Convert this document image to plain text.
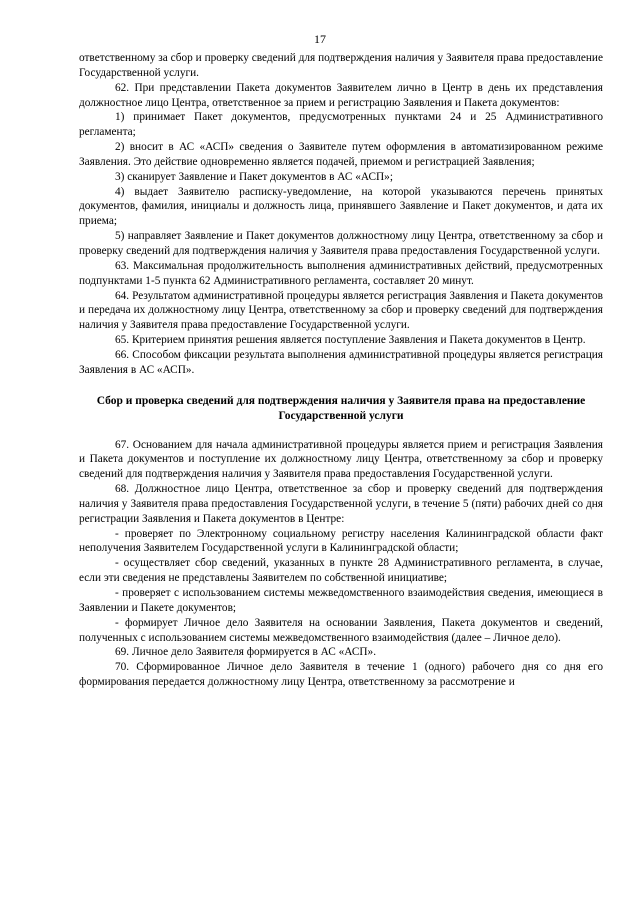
17

ответственному за сбор и проверку сведений для подтверждения наличия у Заявителя права предоставление Государственной услуги.

62. При представлении Пакета документов Заявителем лично в Центр в день их представления должностное лицо Центра, ответственное за прием и регистрацию Заявления и Пакета документов:

1) принимает Пакет документов, предусмотренных пунктами 24 и 25 Административного регламента;

2) вносит в АС «АСП» сведения о Заявителе путем оформления в автоматизированном режиме Заявления. Это действие одновременно является подачей, приемом и регистрацией Заявления;

3) сканирует Заявление и Пакет документов в АС «АСП»;

4) выдает Заявителю расписку-уведомление, на которой указываются перечень принятых документов, фамилия, инициалы и должность лица, принявшего Заявление и Пакет документов, и дата их приема;

5) направляет Заявление и Пакет документов должностному лицу Центра, ответственному за сбор и проверку сведений для подтверждения наличия у Заявителя права предоставления Государственной услуги.

63. Максимальная продолжительность выполнения административных действий, предусмотренных подпунктами 1-5 пункта 62 Административного регламента, составляет 20 минут.

64. Результатом административной процедуры является регистрация Заявления и Пакета документов и передача их должностному лицу Центра, ответственному за сбор и проверку сведений для подтверждения наличия у Заявителя права предоставление Государственной услуги.

65. Критерием принятия решения является поступление Заявления и Пакета документов в Центр.

66. Способом фиксации результата выполнения административной процедуры является регистрация Заявления в АС «АСП».

Сбор и проверка сведений для подтверждения наличия у Заявителя права на предоставление Государственной услуги

67. Основанием для начала административной процедуры является прием и регистрация Заявления и Пакета документов и поступление их должностному лицу Центра, ответственному за сбор и проверку сведений для подтверждения наличия у Заявителя права предоставления Государственной услуги.

68. Должностное лицо Центра, ответственное за сбор и проверку сведений для подтверждения наличия у Заявителя права предоставления Государственной услуги, в течение 5 (пяти) рабочих дней со дня регистрации Заявления и Пакета документов в Центре:

- проверяет по Электронному социальному регистру населения Калининградской области факт неполучения Заявителем Государственной услуги в Калининградской области;

- осуществляет сбор сведений, указанных в пункте 28 Административного регламента, в случае, если эти сведения не представлены Заявителем по собственной инициативе;

- проверяет с использованием системы межведомственного взаимодействия сведения, имеющиеся в Заявлении и Пакете документов;

- формирует Личное дело Заявителя на основании Заявления, Пакета документов и сведений, полученных с использованием системы межведомственного взаимодействия (далее – Личное дело).

69. Личное дело Заявителя формируется в АС «АСП».

70. Сформированное Личное дело Заявителя в течение 1 (одного) рабочего дня со дня его формирования передается должностному лицу Центра, ответственному за рассмотрение и
